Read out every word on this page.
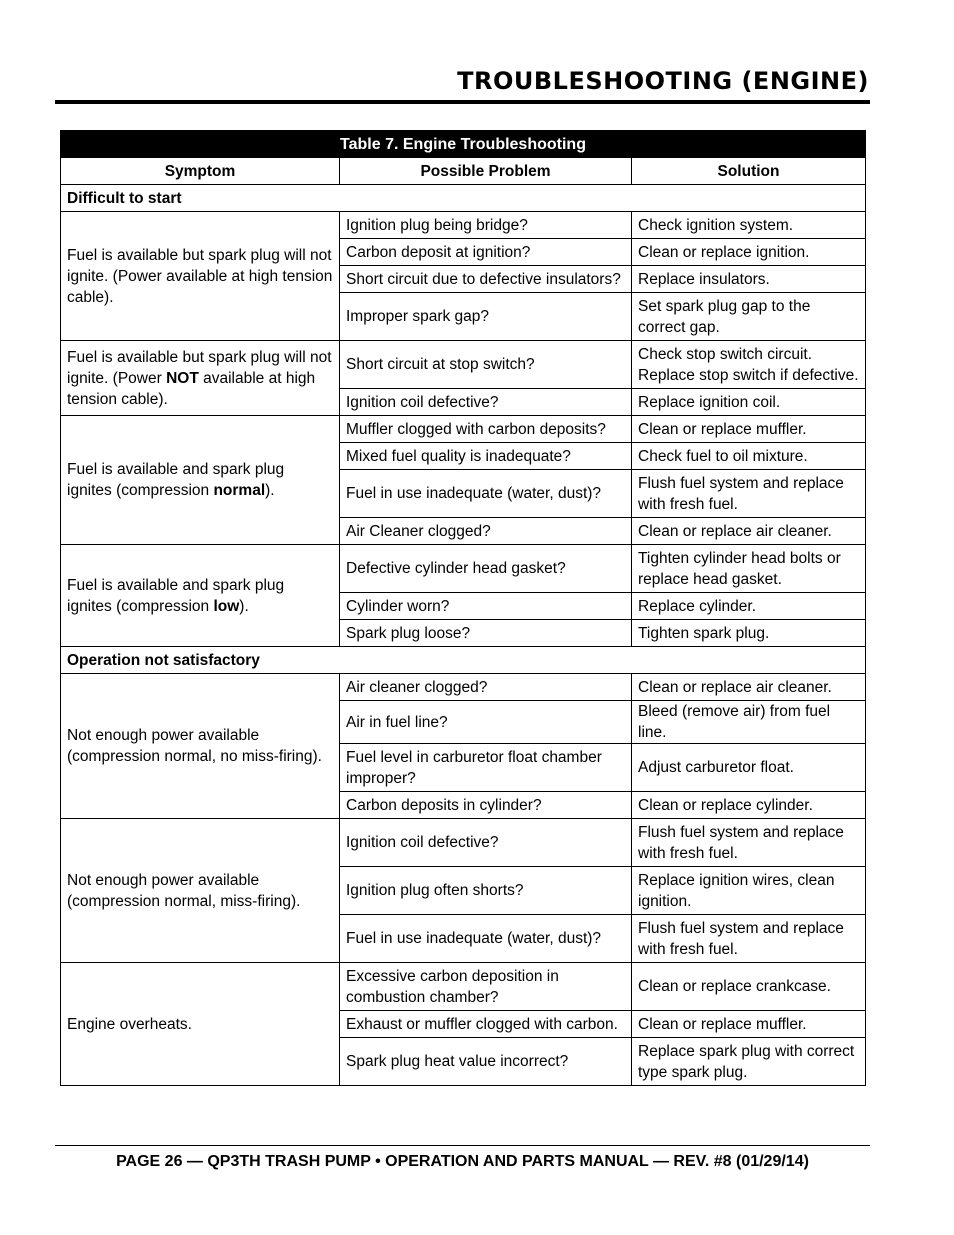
TROUBLESHOOTING (ENGINE)
Table 7. Engine Troubleshooting		
Symptom	Possible Problem	Solution
Difficult to start		
Fuel is available but spark plug will not ignite. (Power available at high tension cable).	Ignition plug being bridge?	Check ignition system.
	Carbon deposit at ignition?	Clean or replace ignition.
	Short circuit due to defective insulators?	Replace insulators.
	Improper spark gap?	Set spark plug gap to the correct gap.
Fuel is available but spark plug will not ignite. (Power NOT available at high tension cable).	Short circuit at stop switch?	Check stop switch circuit. Replace stop switch if defective.
	Ignition coil defective?	Replace ignition coil.
Fuel is available and spark plug ignites (compression normal).	Muffler clogged with carbon deposits?	Clean or replace muffler.
	Mixed fuel quality is inadequate?	Check fuel to oil mixture.
	Fuel in use inadequate (water, dust)?	Flush fuel system and replace with fresh fuel.
	Air Cleaner clogged?	Clean or replace air cleaner.
Fuel is available and spark plug ignites (compression low).	Defective cylinder head gasket?	Tighten cylinder head bolts or replace head gasket.
	Cylinder worn?	Replace cylinder.
	Spark plug loose?	Tighten spark plug.
Operation not satisfactory		
Not enough power available (compression normal, no miss-firing).	Air cleaner clogged?	Clean or replace air cleaner.
	Air in fuel line?	Bleed (remove air) from fuel line.
	Fuel level in carburetor float chamber improper?	Adjust carburetor float.
	Carbon deposits in cylinder?	Clean or replace cylinder.
Not enough power available (compression normal, miss-firing).	Ignition coil defective?	Flush fuel system and replace with fresh fuel.
	Ignition plug often shorts?	Replace ignition wires, clean ignition.
	Fuel in use inadequate (water, dust)?	Flush fuel system and replace with fresh fuel.
Engine overheats.	Excessive carbon deposition in combustion chamber?	Clean or replace crankcase.
	Exhaust or muffler clogged with carbon.	Clean or replace muffler.
	Spark plug heat value incorrect?	Replace spark plug with correct type spark plug.

PAGE 26 — QP3TH TRASH PUMP • OPERATION AND PARTS MANUAL — REV. #8 (01/29/14)
